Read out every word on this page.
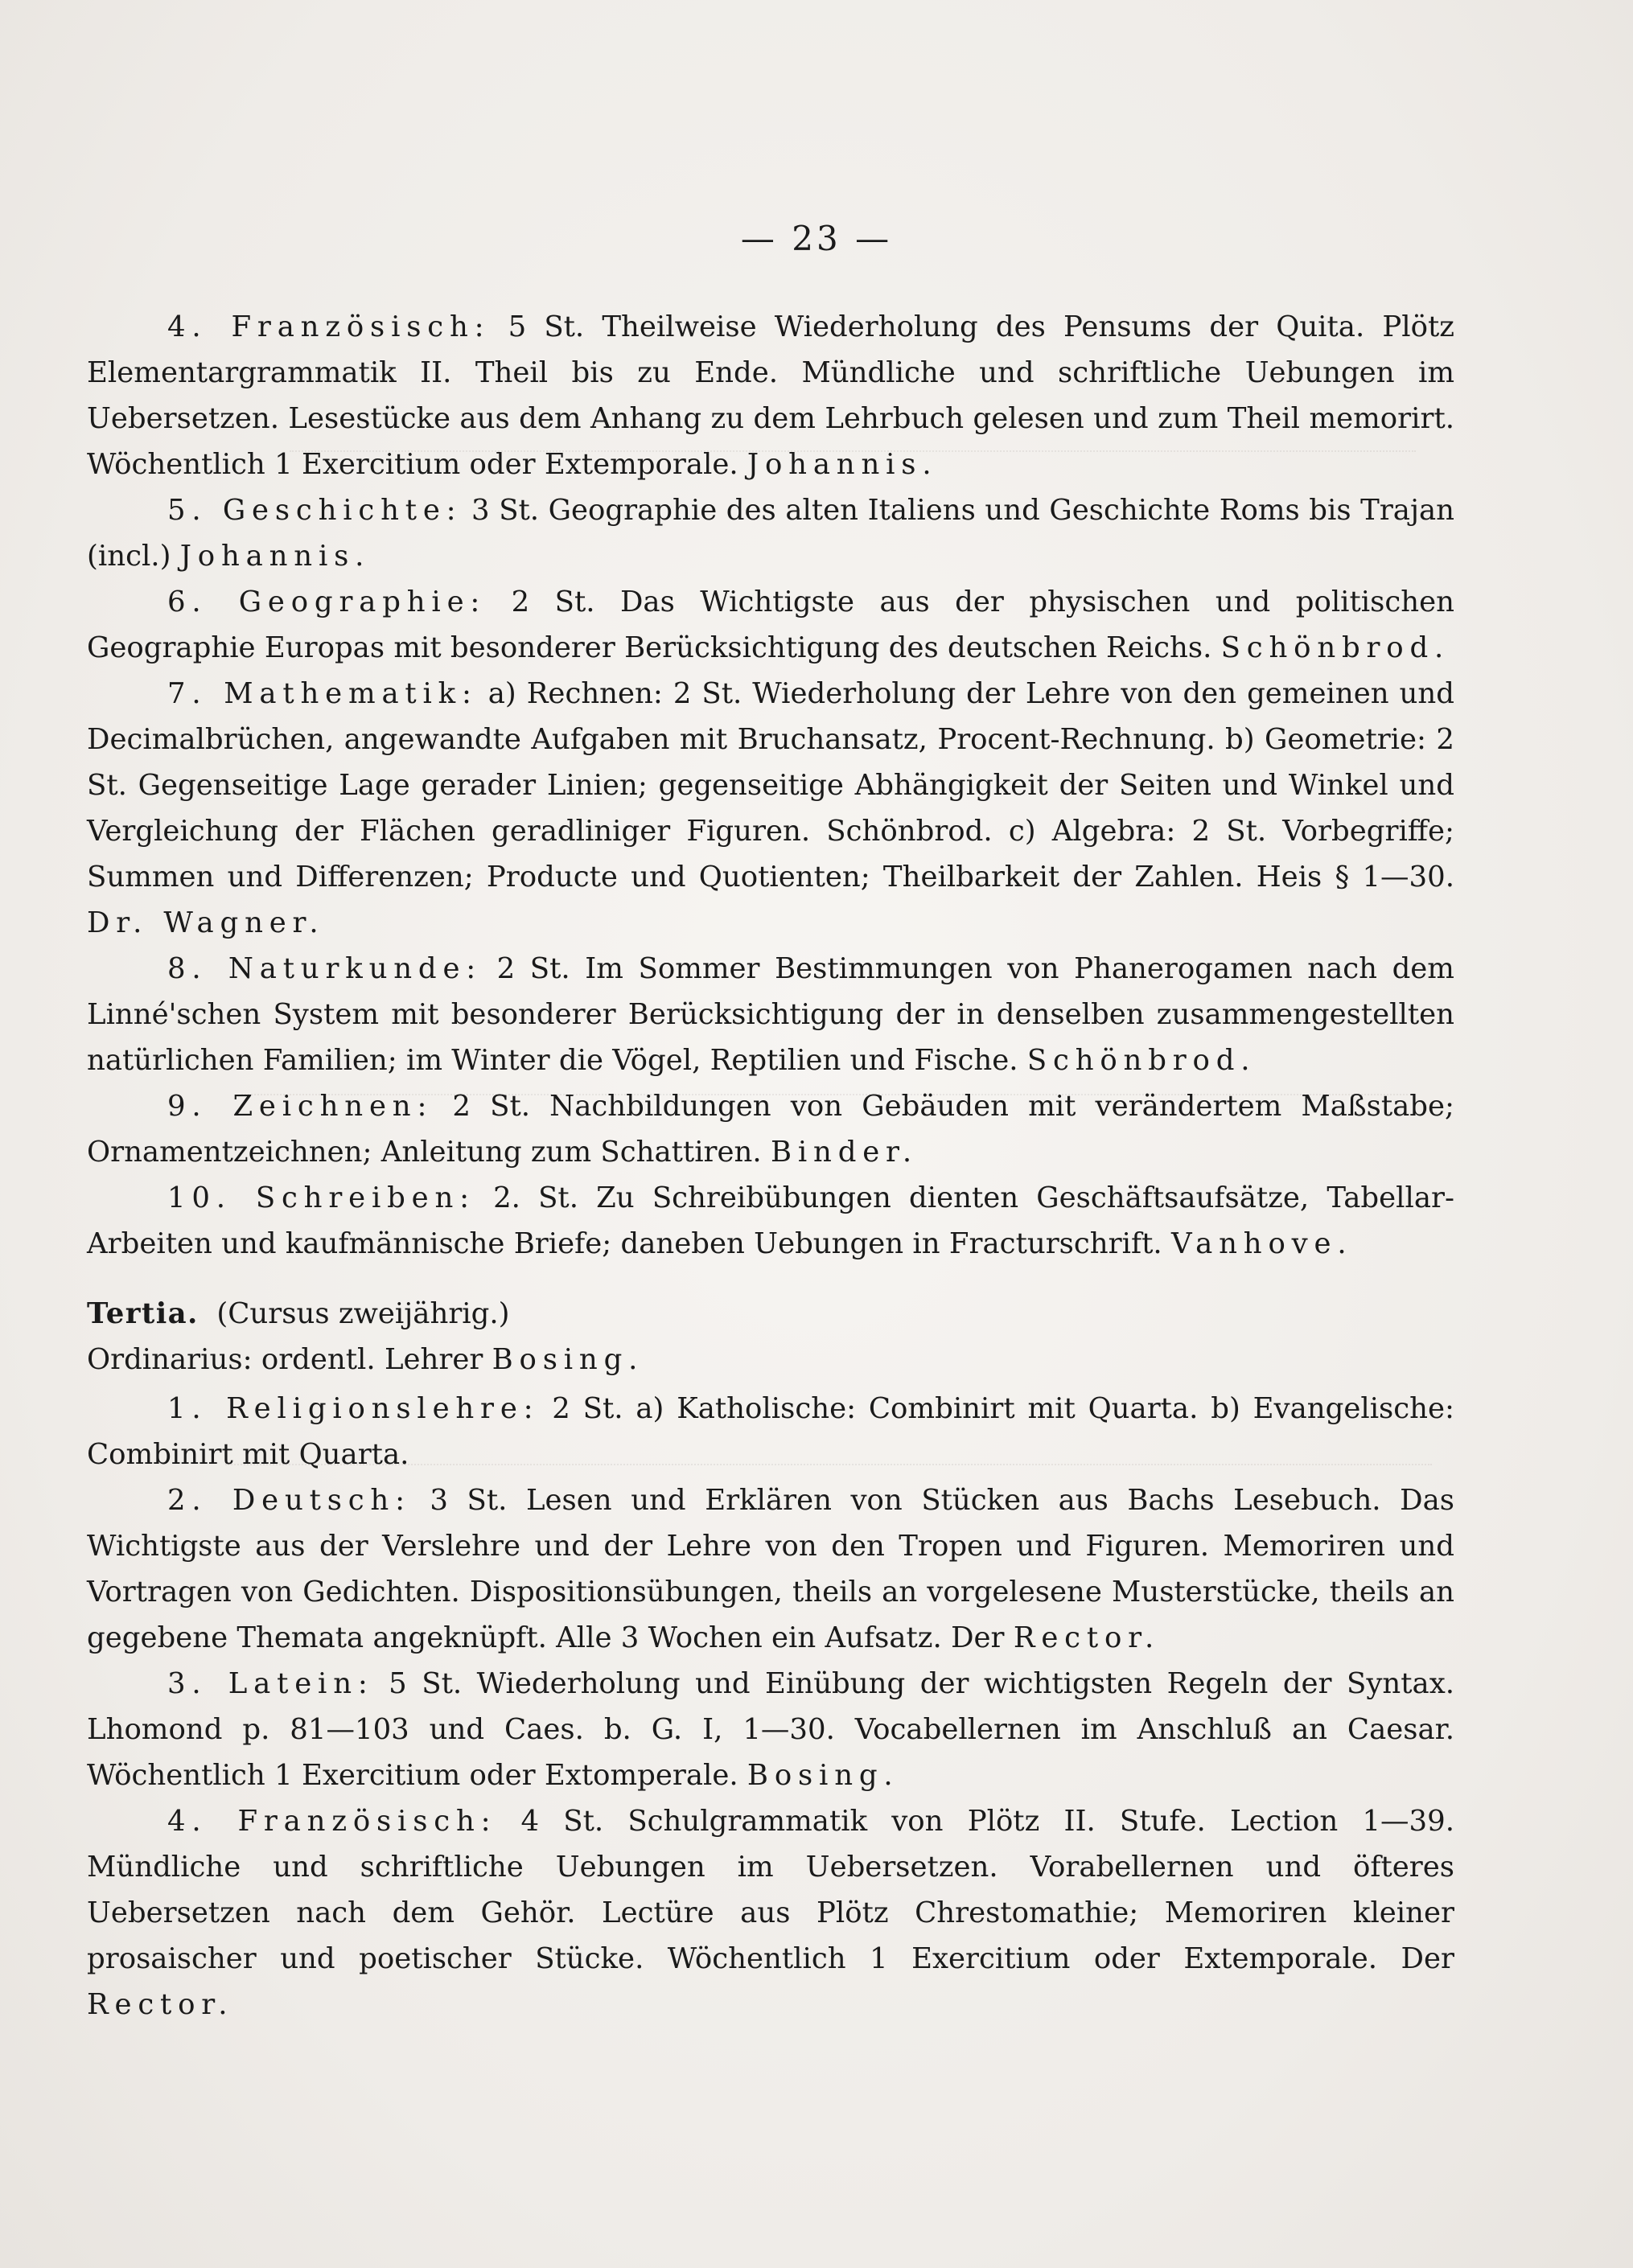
— 23 —

4. Französisch: 5 St. Theilweise Wiederholung des Pensums der Quita. Plötz Elementargrammatik II. Theil bis zu Ende. Mündliche und schriftliche Uebungen im Uebersetzen. Lesestücke aus dem Anhang zu dem Lehrbuch gelesen und zum Theil memorirt. Wöchentlich 1 Exercitium oder Extemporale. Johannis.

5. Geschichte: 3 St. Geographie des alten Italiens und Geschichte Roms bis Trajan (incl.) Johannis.

6. Geographie: 2 St. Das Wichtigste aus der physischen und politischen Geographie Europas mit besonderer Berücksichtigung des deutschen Reichs. Schönbrod.

7. Mathematik: a) Rechnen: 2 St. Wiederholung der Lehre von den gemeinen und Decimalbrüchen, angewandte Aufgaben mit Bruchansatz, Procent-Rechnung. b) Geometrie: 2 St. Gegenseitige Lage gerader Linien; gegenseitige Abhängigkeit der Seiten und Winkel und Vergleichung der Flächen geradliniger Figuren. Schönbrod. c) Algebra: 2 St. Vorbegriffe; Summen und Differenzen; Producte und Quotienten; Theilbarkeit der Zahlen. Heis § 1—30. Dr. Wagner.

8. Naturkunde: 2 St. Im Sommer Bestimmungen von Phanerogamen nach dem Linné'schen System mit besonderer Berücksichtigung der in denselben zusammengestellten natürlichen Familien; im Winter die Vögel, Reptilien und Fische. Schönbrod.

9. Zeichnen: 2 St. Nachbildungen von Gebäuden mit verändertem Maßstabe; Ornamentzeichnen; Anleitung zum Schattiren. Binder.

10. Schreiben: 2. St. Zu Schreibübungen dienten Geschäftsaufsätze, Tabellar-Arbeiten und kaufmännische Briefe; daneben Uebungen in Fracturschrift. Vanhove.

Tertia. (Cursus zweijährig.)

Ordinarius: ordentl. Lehrer Bosing.

1. Religionslehre: 2 St. a) Katholische: Combinirt mit Quarta. b) Evangelische: Combinirt mit Quarta.

2. Deutsch: 3 St. Lesen und Erklären von Stücken aus Bachs Lesebuch. Das Wichtigste aus der Verslehre und der Lehre von den Tropen und Figuren. Memoriren und Vortragen von Gedichten. Dispositionsübungen, theils an vorgelesene Musterstücke, theils an gegebene Themata angeknüpft. Alle 3 Wochen ein Aufsatz. Der Rector.

3. Latein: 5 St. Wiederholung und Einübung der wichtigsten Regeln der Syntax. Lhomond p. 81—103 und Caes. b. G. I, 1—30. Vocabellernen im Anschluß an Caesar. Wöchentlich 1 Exercitium oder Extomperale. Bosing.

4. Französisch: 4 St. Schulgrammatik von Plötz II. Stufe. Lection 1—39. Mündliche und schriftliche Uebungen im Uebersetzen. Vorabellernen und öfteres Uebersetzen nach dem Gehör. Lectüre aus Plötz Chrestomathie; Memoriren kleiner prosaischer und poetischer Stücke. Wöchentlich 1 Exercitium oder Extemporale. Der Rector.
